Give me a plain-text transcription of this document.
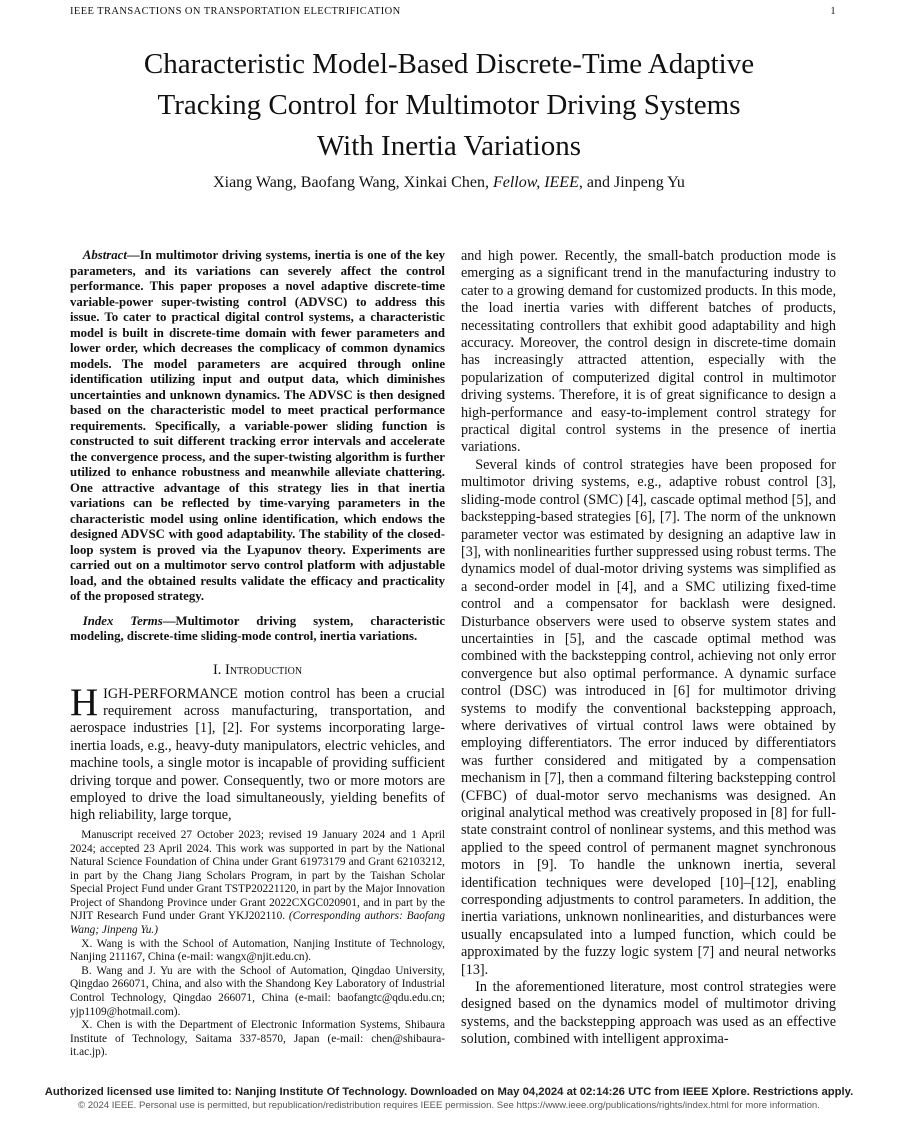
IEEE TRANSACTIONS ON TRANSPORTATION ELECTRIFICATION	1
Characteristic Model-Based Discrete-Time Adaptive
Tracking Control for Multimotor Driving Systems
With Inertia Variations
Xiang Wang, Baofang Wang, Xinkai Chen, Fellow, IEEE, and Jinpeng Yu

Abstract—In multimotor driving systems, inertia is one of the key parameters, and its variations can severely affect the control performance. This paper proposes a novel adaptive discrete-time variable-power super-twisting control (ADVSC) to address this issue. To cater to practical digital control systems, a characteristic model is built in discrete-time domain with fewer parameters and lower order, which decreases the complicacy of common dynamics models. The model parameters are acquired through online identification utilizing input and output data, which diminishes uncertainties and unknown dynamics. The ADVSC is then designed based on the characteristic model to meet practical performance requirements. Specifically, a variable-power sliding function is constructed to suit different tracking error intervals and accelerate the convergence process, and the super-twisting algorithm is further utilized to enhance robustness and meanwhile alleviate chattering. One attractive advantage of this strategy lies in that inertia variations can be reflected by time-varying parameters in the characteristic model using online identification, which endows the designed ADVSC with good adaptability. The stability of the closed-loop system is proved via the Lyapunov theory. Experiments are carried out on a multimotor servo control platform with adjustable load, and the obtained results validate the efficacy and practicality of the proposed strategy.

Index Terms—Multimotor driving system, characteristic modeling, discrete-time sliding-mode control, inertia variations.

I. Introduction

HIGH-PERFORMANCE motion control has been a crucial requirement across manufacturing, transportation, and aerospace industries [1], [2]. For systems incorporating large-inertia loads, e.g., heavy-duty manipulators, electric vehicles, and machine tools, a single motor is incapable of providing sufficient driving torque and power. Consequently, two or more motors are employed to drive the load simultaneously, yielding benefits of high reliability, large torque,

Manuscript received 27 October 2023; revised 19 January 2024 and 1 April 2024; accepted 23 April 2024. This work was supported in part by the National Natural Science Foundation of China under Grant 61973179 and Grant 62103212, in part by the Chang Jiang Scholars Program, in part by the Taishan Scholar Special Project Fund under Grant TSTP20221120, in part by the Major Innovation Project of Shandong Province under Grant 2022CXGC020901, and in part by the NJIT Research Fund under Grant YKJ202110. (Corresponding authors: Baofang Wang; Jinpeng Yu.)

X. Wang is with the School of Automation, Nanjing Institute of Technology, Nanjing 211167, China (e-mail: wangx@njit.edu.cn).

B. Wang and J. Yu are with the School of Automation, Qingdao University, Qingdao 266071, China, and also with the Shandong Key Laboratory of Industrial Control Technology, Qingdao 266071, China (e-mail: baofangtc@qdu.edu.cn; yjp1109@hotmail.com).

X. Chen is with the Department of Electronic Information Systems, Shibaura Institute of Technology, Saitama 337-8570, Japan (e-mail: chen@shibaura-it.ac.jp).

and high power. Recently, the small-batch production mode is emerging as a significant trend in the manufacturing industry to cater to a growing demand for customized products. In this mode, the load inertia varies with different batches of products, necessitating controllers that exhibit good adaptability and high accuracy. Moreover, the control design in discrete-time domain has increasingly attracted attention, especially with the popularization of computerized digital control in multimotor driving systems. Therefore, it is of great significance to design a high-performance and easy-to-implement control strategy for practical digital control systems in the presence of inertia variations.

Several kinds of control strategies have been proposed for multimotor driving systems, e.g., adaptive robust control [3], sliding-mode control (SMC) [4], cascade optimal method [5], and backstepping-based strategies [6], [7]. The norm of the unknown parameter vector was estimated by designing an adaptive law in [3], with nonlinearities further suppressed using robust terms. The dynamics model of dual-motor driving systems was simplified as a second-order model in [4], and a SMC utilizing fixed-time control and a compensator for backlash were designed. Disturbance observers were used to observe system states and uncertainties in [5], and the cascade optimal method was combined with the backstepping control, achieving not only error convergence but also optimal performance. A dynamic surface control (DSC) was introduced in [6] for multimotor driving systems to modify the conventional backstepping approach, where derivatives of virtual control laws were obtained by employing differentiators. The error induced by differentiators was further considered and mitigated by a compensation mechanism in [7], then a command filtering backstepping control (CFBC) of dual-motor servo mechanisms was designed. An original analytical method was creatively proposed in [8] for full-state constraint control of nonlinear systems, and this method was applied to the speed control of permanent magnet synchronous motors in [9]. To handle the unknown inertia, several identification techniques were developed [10]–[12], enabling corresponding adjustments to control parameters. In addition, the inertia variations, unknown nonlinearities, and disturbances were usually encapsulated into a lumped function, which could be approximated by the fuzzy logic system [7] and neural networks [13].

In the aforementioned literature, most control strategies were designed based on the dynamics model of multimotor driving systems, and the backstepping approach was used as an effective solution, combined with intelligent approxima-

Authorized licensed use limited to: Nanjing Institute Of Technology. Downloaded on May 04,2024 at 02:14:26 UTC from IEEE Xplore. Restrictions apply.
© 2024 IEEE. Personal use is permitted, but republication/redistribution requires IEEE permission. See https://www.ieee.org/publications/rights/index.html for more information.
